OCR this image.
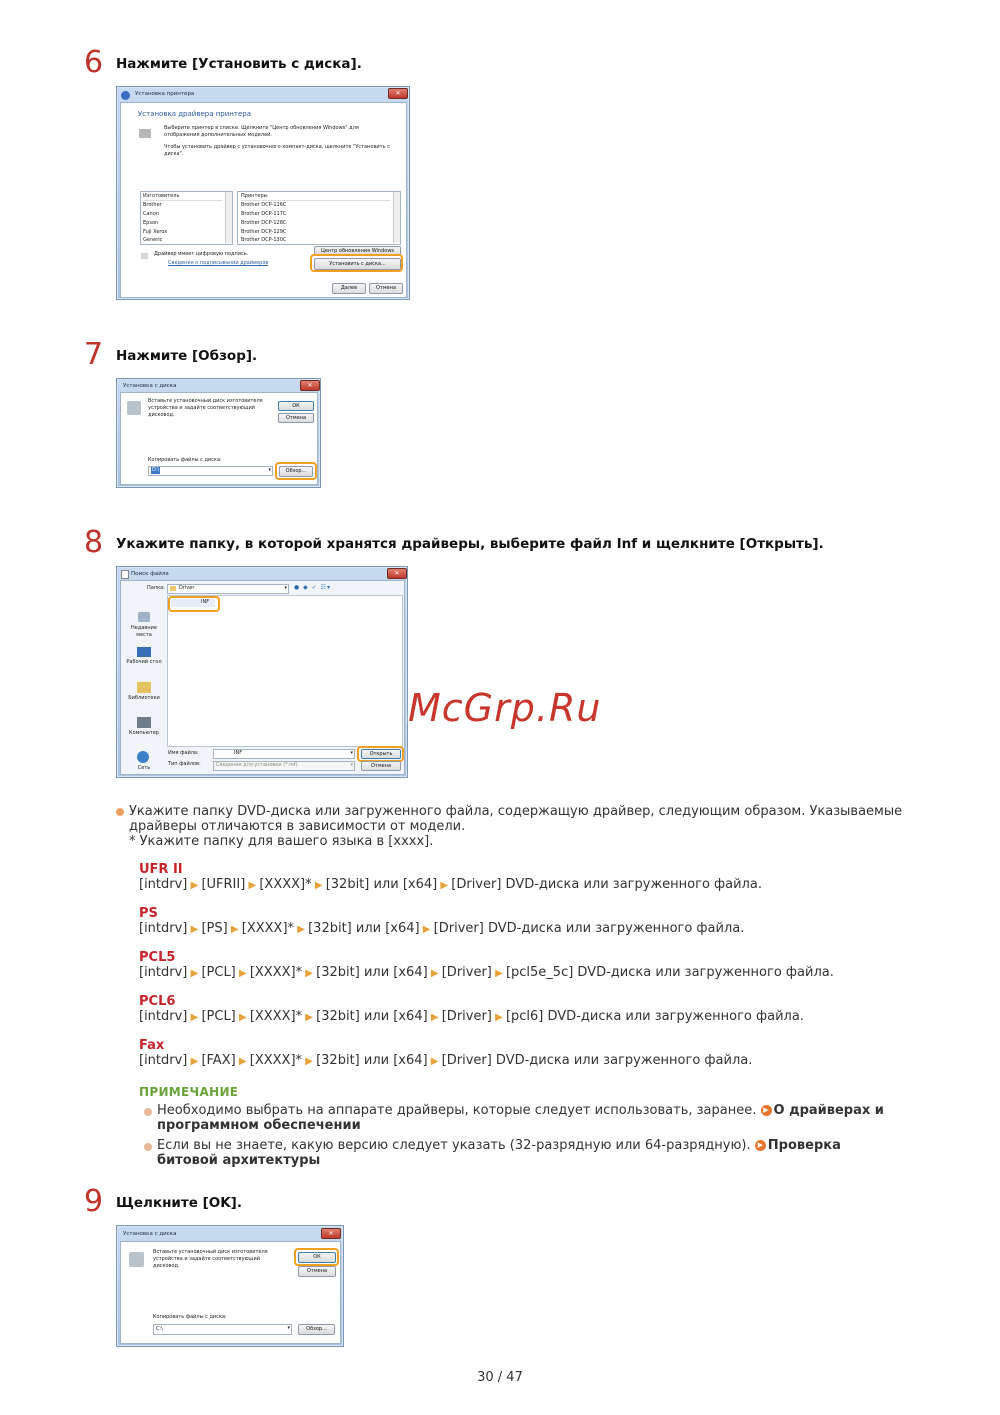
6 Нажмите [Установить с диска].
Установка принтера	✕
Установка драйвера принтера
Выберите принтер в списке. Щелкните "Центр обновления Windows" для отображения дополнительных моделей.
Чтобы установить драйвер с установочного компакт-диска, щелкните "Установить с диска".
Изготовитель
Brother
Canon
Epson
Fuji Xerox
Generic
Принтеры
Brother DCP-116C
Brother DCP-117C
Brother DCP-128C
Brother DCP-129C
Brother DCP-130C
Драйвер имеет цифровую подпись.
Сведения о подписывании драйверов
Центр обновления Windows
Установить с диска...
Далее	Отмена
7 Нажмите [Обзор].
Установка с диска	✕
Вставьте установочный диск изготовителя устройства и задайте соответствующий дисковод.
ОК
Отмена
Копировать файлы с диска:
D:\	▾	Обзор...
8 Укажите папку, в которой хранятся драйверы, выберите файл Inf и щелкните [Открыть].
Поиск файла	✕
Папка:	Driver	▾ ● ◆ ✓ ☷▾
Недавние места
Рабочий стол
Библиотеки
Компьютер
Сеть
INF
Имя файла:	INF	▾
Тип файлов:	Сведения для установки (*.inf)	▾
Открыть
Отмена
McGrp.Ru
Укажите папку DVD-диска или загруженного файла, содержащую драйвер, следующим образом. Указываемые драйверы отличаются в зависимости от модели.
* Укажите папку для вашего языка в [xxxx].
UFR II
[intdrv] ▶ [UFRII] ▶ [XXXX]* ▶ [32bit] или [x64] ▶ [Driver] DVD-диска или загруженного файла.
PS
[intdrv] ▶ [PS] ▶ [XXXX]* ▶ [32bit] или [x64] ▶ [Driver] DVD-диска или загруженного файла.
PCL5
[intdrv] ▶ [PCL] ▶ [XXXX]* ▶ [32bit] или [x64] ▶ [Driver] ▶ [pcl5e_5c] DVD-диска или загруженного файла.
PCL6
[intdrv] ▶ [PCL] ▶ [XXXX]* ▶ [32bit] или [x64] ▶ [Driver] ▶ [pcl6] DVD-диска или загруженного файла.
Fax
[intdrv] ▶ [FAX] ▶ [XXXX]* ▶ [32bit] или [x64] ▶ [Driver] DVD-диска или загруженного файла.
ПРИМЕЧАНИЕ
Необходимо выбрать на аппарате драйверы, которые следует использовать, заранее. ▶ О драйверах и программном обеспечении
Если вы не знаете, какую версию следует указать (32-разрядную или 64-разрядную). ▶ Проверка битовой архитектуры
9 Щелкните [OK].
Установка с диска	✕
Вставьте установочный диск изготовителя устройства и задайте соответствующий дисковод.
ОК
Отмена
Копировать файлы с диска:
C:\	▾	Обзор...
30 / 47
